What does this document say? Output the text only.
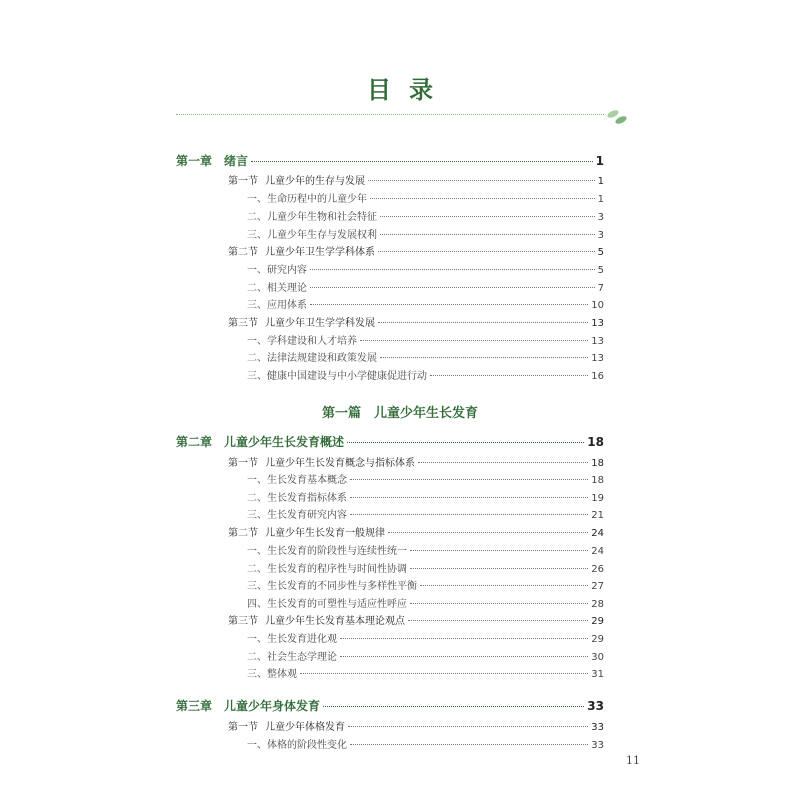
目录
第一章 绪言	1
第一节 儿童少年的生存与发展	1
一、生命历程中的儿童少年	1
二、儿童少年生物和社会特征	3
三、儿童少年生存与发展权利	3
第二节 儿童少年卫生学学科体系	5
一、研究内容	5
二、相关理论	7
三、应用体系	10
第三节 儿童少年卫生学学科发展	13
一、学科建设和人才培养	13
二、法律法规建设和政策发展	13
三、健康中国建设与中小学健康促进行动	16
第一篇　儿童少年生长发育
第二章 儿童少年生长发育概述	18
第一节 儿童少年生长发育概念与指标体系	18
一、生长发育基本概念	18
二、生长发育指标体系	19
三、生长发育研究内容	21
第二节 儿童少年生长发育一般规律	24
一、生长发育的阶段性与连续性统一	24
二、生长发育的程序性与时间性协调	26
三、生长发育的不同步性与多样性平衡	27
四、生长发育的可塑性与适应性呼应	28
第三节 儿童少年生长发育基本理论观点	29
一、生长发育进化观	29
二、社会生态学理论	30
三、整体观	31
第三章 儿童少年身体发育	33
第一节 儿童少年体格发育	33
一、体格的阶段性变化	33
11
